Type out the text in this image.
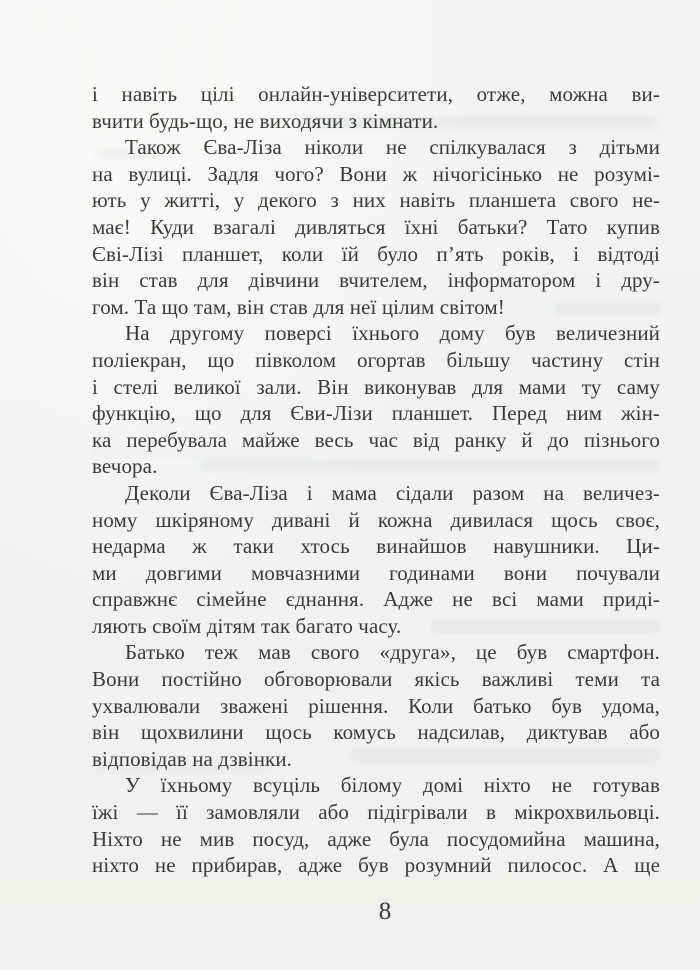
і навіть цілі онлайн-університети, отже, можна ви-
вчити будь-що, не виходячи з кімнати.
Також Єва-Ліза ніколи не спілкувалася з дітьми
на вулиці. Задля чого? Вони ж нічогісінько не розумі-
ють у житті, у декого з них навіть планшета свого не-
має! Куди взагалі дивляться їхні батьки? Тато купив
Єві-Лізі планшет, коли їй було п’ять років, і відтоді
він став для дівчини вчителем, інформатором і дру-
гом. Та що там, він став для неї цілим світом!
На другому поверсі їхнього дому був величезний
поліекран, що півколом огортав більшу частину стін
і стелі великої зали. Він виконував для мами ту саму
функцію, що для Єви-Лізи планшет. Перед ним жін-
ка перебувала майже весь час від ранку й до пізнього
вечора.
Деколи Єва-Ліза і мама сідали разом на величез-
ному шкіряному дивані й кожна дивилася щось своє,
недарма ж таки хтось винайшов навушники. Ци-
ми довгими мовчазними годинами вони почували
справжнє сімейне єднання. Адже не всі мами приді-
ляють своїм дітям так багато часу.
Батько теж мав свого «друга», це був смартфон.
Вони постійно обговорювали якісь важливі теми та
ухвалювали зважені рішення. Коли батько був удома,
він щохвилини щось комусь надсилав, диктував або
відповідав на дзвінки.
У їхньому всуціль білому домі ніхто не готував
їжі — її замовляли або підігрівали в мікрохвильовці.
Ніхто не мив посуд, адже була посудомийна машина,
ніхто не прибирав, адже був розумний пилосос. А ще
8
